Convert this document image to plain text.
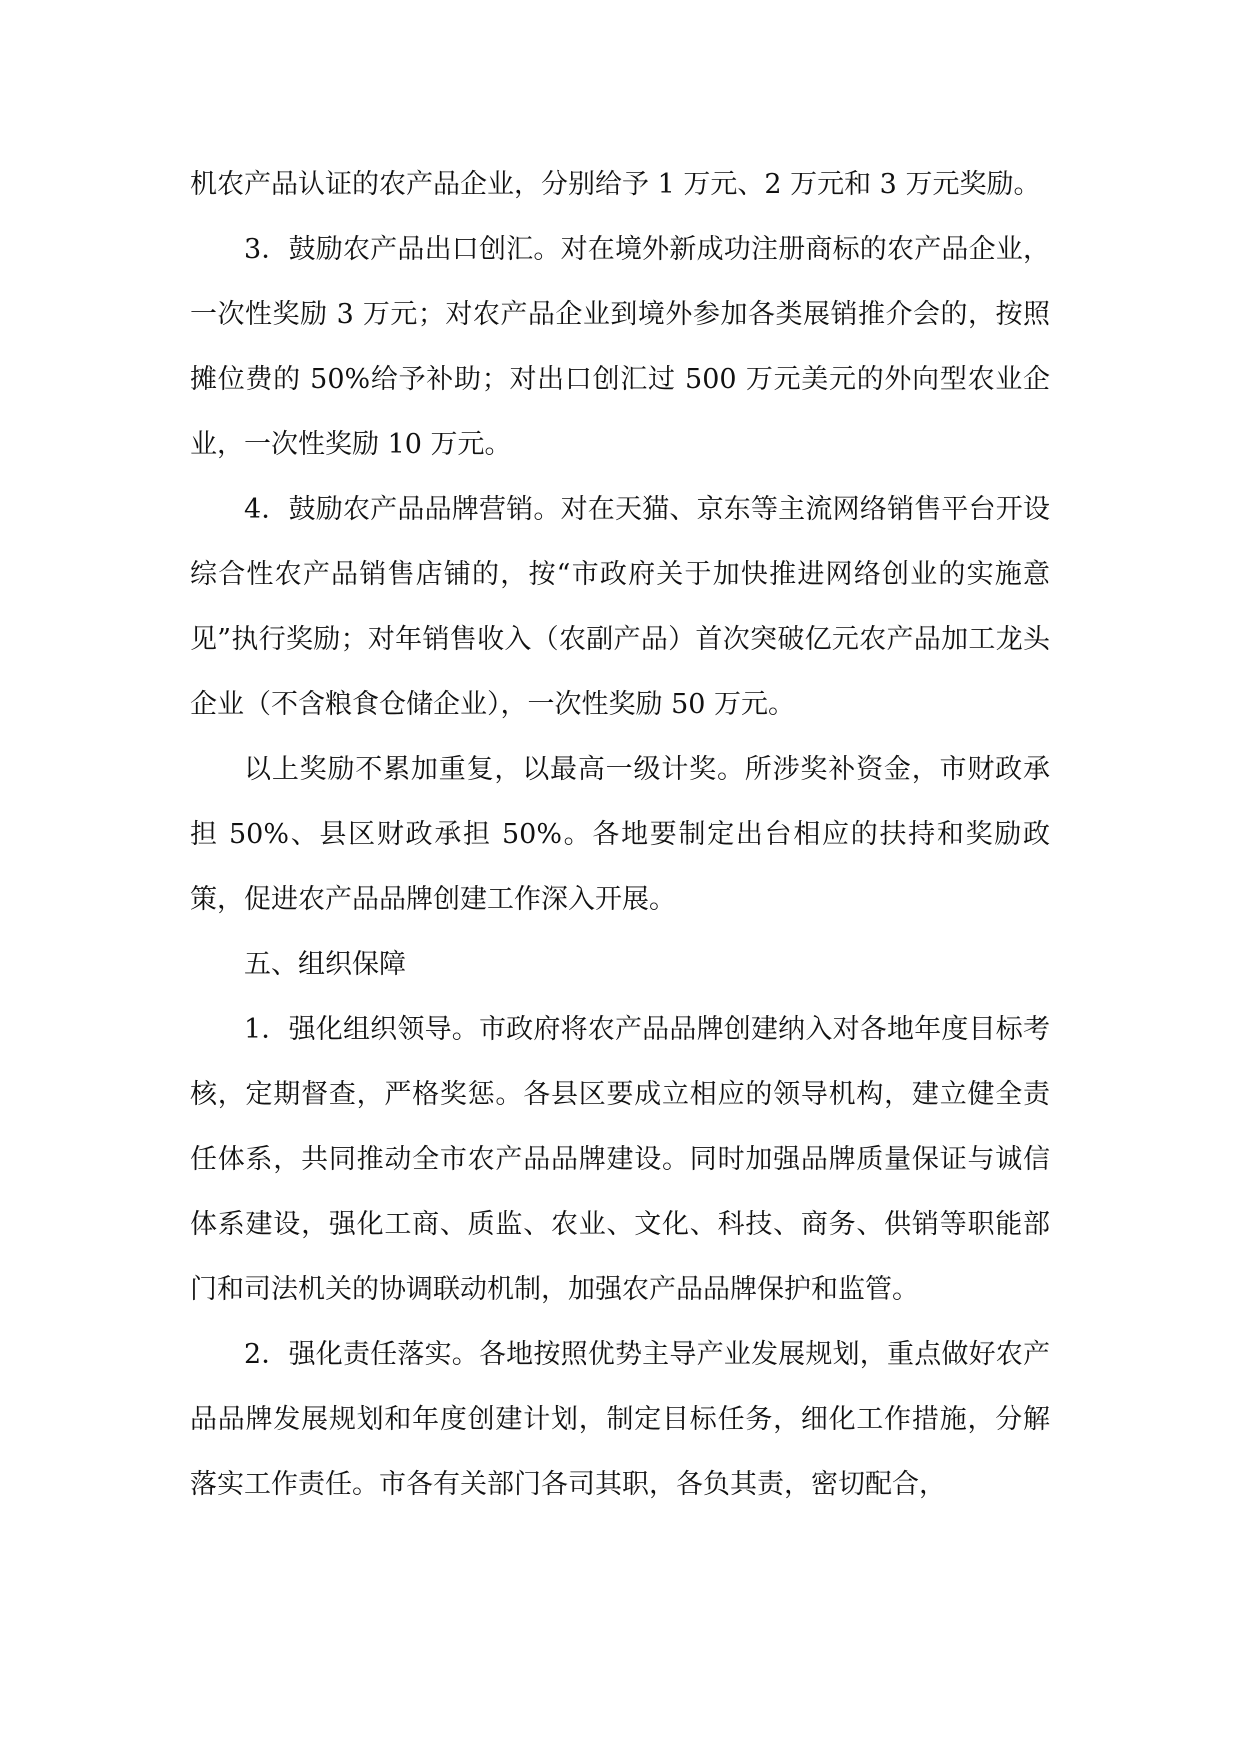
机农产品认证的农产品企业，分别给予 1 万元、2 万元和 3 万元奖励。

3．鼓励农产品出口创汇。对在境外新成功注册商标的农产品企业，一次性奖励 3 万元；对农产品企业到境外参加各类展销推介会的，按照摊位费的 50%给予补助；对出口创汇过 500 万元美元的外向型农业企业，一次性奖励 10 万元。

4．鼓励农产品品牌营销。对在天猫、京东等主流网络销售平台开设综合性农产品销售店铺的，按“市政府关于加快推进网络创业的实施意见”执行奖励；对年销售收入（农副产品）首次突破亿元农产品加工龙头企业（不含粮食仓储企业），一次性奖励 50 万元。

以上奖励不累加重复，以最高一级计奖。所涉奖补资金，市财政承担 50%、县区财政承担 50%。各地要制定出台相应的扶持和奖励政策，促进农产品品牌创建工作深入开展。

五、组织保障

1．强化组织领导。市政府将农产品品牌创建纳入对各地年度目标考核，定期督查，严格奖惩。各县区要成立相应的领导机构，建立健全责任体系，共同推动全市农产品品牌建设。同时加强品牌质量保证与诚信体系建设，强化工商、质监、农业、文化、科技、商务、供销等职能部门和司法机关的协调联动机制，加强农产品品牌保护和监管。

2．强化责任落实。各地按照优势主导产业发展规划，重点做好农产品品牌发展规划和年度创建计划，制定目标任务，细化工作措施，分解落实工作责任。市各有关部门各司其职，各负其责，密切配合，
